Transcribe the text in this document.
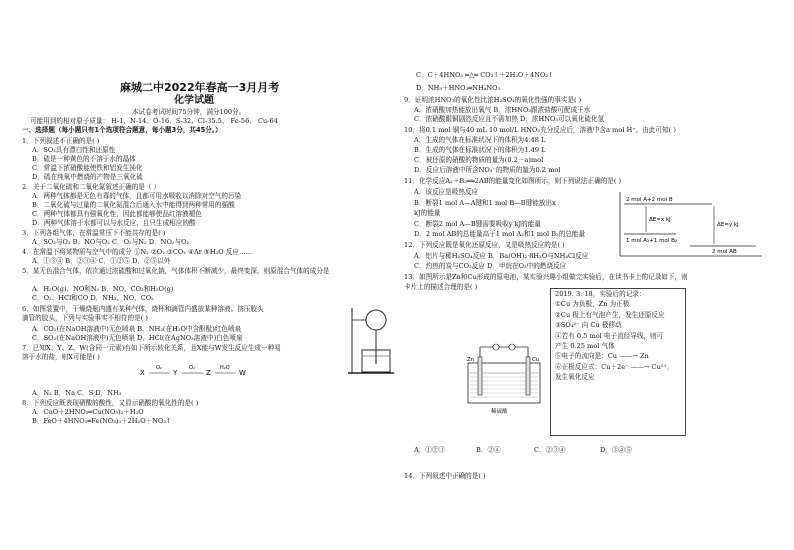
麻城二中2022年春高一3月月考
化学试题
本试卷考试时间75分钟，满分100分。
可能用到的相对原子质量： H-1、N-14、O-16、S-32、Cl-35.5、 Fe-56、 Cu-64
一、选择题（每小题只有1个选项符合题意，每小题3分，共45分。）
1．下列叙述不正确的是( )
A．SO₂具有漂白性和还原性
B．硫是一种黄色的不溶于水的晶体
C．常温下浓硝酸能使铁和铝发生钝化
D．硫在纯氧中燃烧的产物是三氧化硫
2．关于二氧化硫和二氧化氮叙述正确的是（ ）
A．两种气体都是无色有毒的气体，且都可用水吸收以消除对空气的污染
B．二氧化硫与过量的二氧化氮混合后通入水中能得到两种常用的强酸
C．两种气体都具有强氧化性，因此都能够使品红溶液褪色
D．两种气体溶于水都可以与水反应，且只生成相应的酸
3．下列各组气体，在常温常压下不能共存的是( )
A．SO₂与O₂ B．NO与O₂ C．O₂与N₂ D．NO₂与O₂
4．在常温下将某物质与空气中的成分 ①N₂ ②O₂ ③CO₂ ④Ar ⑤H₂O 反应……
A．①③④ B．②③④ C．①②⑤ D．②⑤以外
5．某无色混合气体，依次通过浓硫酸和过氧化钠，气体体积不断减少，最终变深，则原混合气体的成分是
A．H₂O(g)、NO和N₂ B．NO、CO₂和H₂O(g)
C．O₂、HCl和CO D．NH₃、NO、CO₂
6．如图装置中，干燥烧瓶内盛有某种气体，烧杯和滴管内盛放某种溶液。挤压胶头
滴管的胶头，下列与实验事实不相符的是( )
A．CO₂(在NaOH溶液中)无色喷泉 B．NH₃(在H₂O中含酚酞)红色喷泉
C．SO₂(在NaOH溶液中)无色喷泉 D．HCl(在AgNO₃溶液中)白色喷泉
7．已知X、Y、Z、W(含同一元素)有如下所示转化关系，且X能与W发生反应生成一种易
溶于水的盐，则X可能是( )
X
O₂
Y
O₂
Z
H₂O
W
A．N₂ B．Na C．S D．NH₃
8．下列反应既表现硝酸的酸性，又显示硝酸的氧化性的是( )
A．CuO＋2HNO₃═Cu(NO₃)₂＋H₂O
B．FeO＋4HNO₃═Fe(NO₃)₃＋2H₂O＋NO₂↑
C．C＋4HNO₃ ═△═ CO₂↑＋2H₂O＋4NO₂↑
D．NH₃＋HNO₃═NH₄NO₃
9．证明浓HNO₃的氧化性比浓H₂SO₄的氧化性强的事实是( )
A．浓硝酸加热能放出氧气 B．浓HNO₃跟浓盐酸可配成王水
C．浓硝酸跟铜剧烈反应且不需加热 D．浓HNO₃可以氧化硫化氢
10．将0.1 mol 铜与40 mL 10 mol/L HNO₃充分反应后，溶液中含a mol H⁺。由此可知( )
A．生成的气体在标准状况下的体积为4.48 L
B．生成的气体在标准状况下的体积为1.49 L
C．被还原的硝酸的物质的量为(0.2－a)mol
D．反应后溶液中所含NO₃⁻的物质的量为0.2 mol
11．化学反应A₂＋B₂══2AB的能量变化如图所示，则下列说法正确的是( )
A．该反应是吸热反应
B．断裂1 mol A—A键和1 mol B—B键能放出x
kJ的能量
C．断裂2 mol A—B键需要吸收y kJ的能量
D．2 mol AB的总能量高于1 mol A₂和1 mol B₂的总能量
2 mol A+2 mol B
1 mol A₂+1 mol B₂
2 mol AB
ΔE=x kJ
ΔE=y kJ
12．下列反应既是氧化还原反应，又是吸热反应的是( )
A．铝片与稀H₂SO₄反应 B．Ba(OH)₂·8H₂O与NH₄Cl反应
C．灼热的炭与CO₂反应 D．甲烷在O₂中的燃烧反应
13．如图所示是Zn和Cu形成的原电池，某实验兴趣小组做完实验后，在读书卡上的记录如下，则
卡片上的描述合理的是( )
Zn	Cu
稀硫酸
2019. 3. 18，实验后的记录：
①Cu 为负极，Zn 为正极
②Cu 极上有气泡产生，发生还原反应
③SO₄²⁻ 向 Cu 极移动
④若有 0.5 mol 电子流经导线，则可
产生 0.25 mol 气体
⑤电子的流向是：Cu ——→ Zn
⑥正极反应式：Cu＋2e⁻ ——→ Cu²⁺，
发生氧化反应
A．①②③	B．②④	C．②③④	D．③④⑤
14．下列叙述中正确的是( )
